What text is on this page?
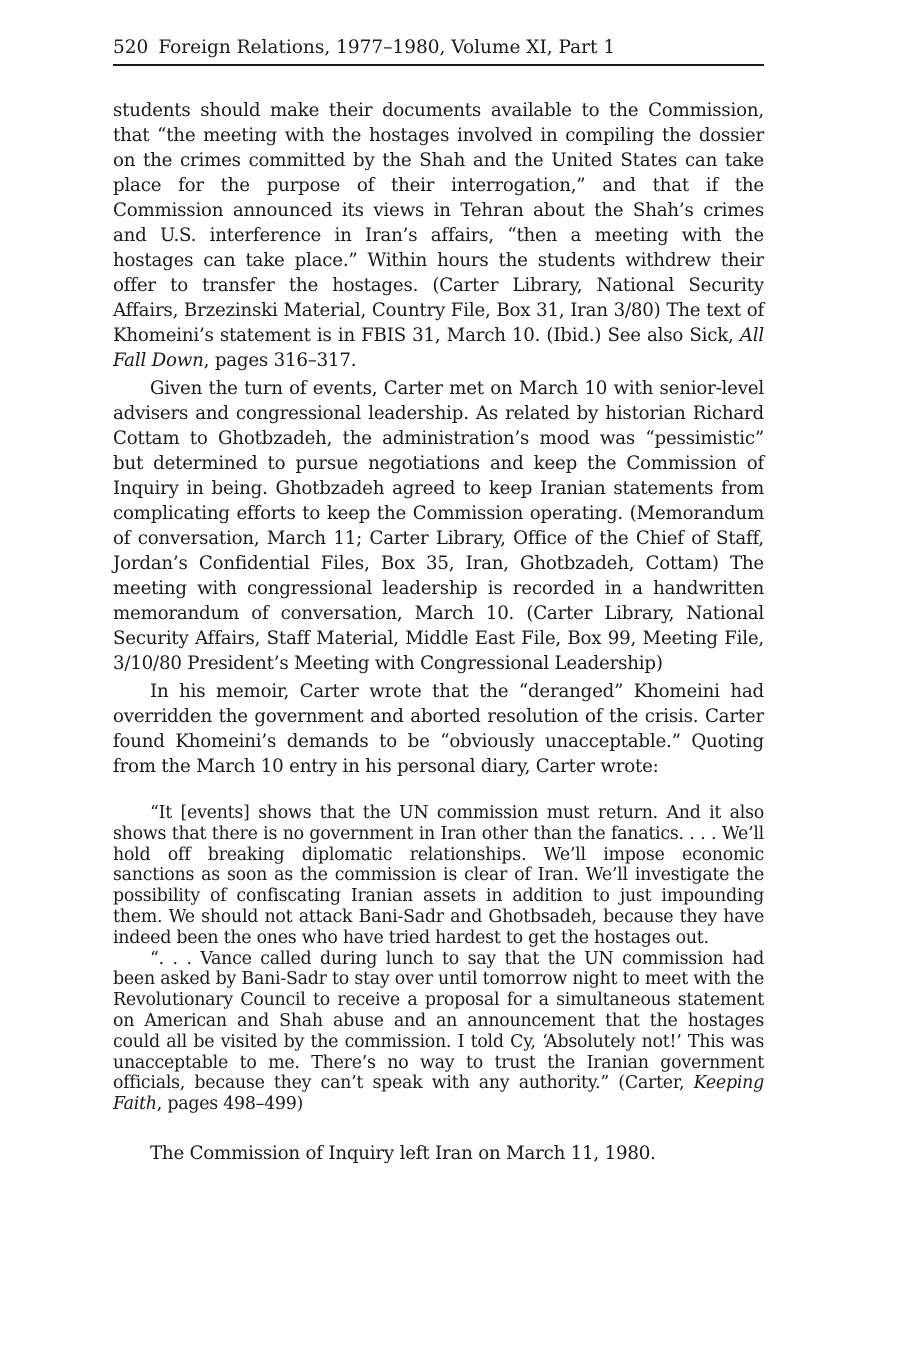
520 Foreign Relations, 1977–1980, Volume XI, Part 1

students should make their documents available to the Commission, that “the meeting with the hostages involved in compiling the dossier on the crimes committed by the Shah and the United States can take place for the purpose of their interrogation,” and that if the Commission announced its views in Tehran about the Shah’s crimes and U.S. interference in Iran’s affairs, “then a meeting with the hostages can take place.” Within hours the students withdrew their offer to transfer the hostages. (Carter Library, National Security Affairs, Brzezinski Material, Country File, Box 31, Iran 3/80) The text of Khomeini’s statement is in FBIS 31, March 10. (Ibid.) See also Sick, All Fall Down, pages 316–317.

Given the turn of events, Carter met on March 10 with senior-level advisers and congressional leadership. As related by historian Richard Cottam to Ghotbzadeh, the administration’s mood was “pessimistic” but determined to pursue negotiations and keep the Commission of Inquiry in being. Ghotbzadeh agreed to keep Iranian statements from complicating efforts to keep the Commission operating. (Memorandum of conversation, March 11; Carter Library, Office of the Chief of Staff, Jordan’s Confidential Files, Box 35, Iran, Ghotbzadeh, Cottam) The meeting with congressional leadership is recorded in a handwritten memorandum of conversation, March 10. (Carter Library, National Security Affairs, Staff Material, Middle East File, Box 99, Meeting File, 3/10/80 President’s Meeting with Congressional Leadership)

In his memoir, Carter wrote that the “deranged” Khomeini had overridden the government and aborted resolution of the crisis. Carter found Khomeini’s demands to be “obviously unacceptable.” Quoting from the March 10 entry in his personal diary, Carter wrote:

“It [events] shows that the UN commission must return. And it also shows that there is no government in Iran other than the fanatics. . . . We’ll hold off breaking diplomatic relationships. We’ll impose economic sanctions as soon as the commission is clear of Iran. We’ll investigate the possibility of confiscating Iranian assets in addition to just impounding them. We should not attack Bani-Sadr and Ghotbsadeh, because they have indeed been the ones who have tried hardest to get the hostages out.

“. . . Vance called during lunch to say that the UN commission had been asked by Bani-Sadr to stay over until tomorrow night to meet with the Revolutionary Council to receive a proposal for a simultaneous statement on American and Shah abuse and an announcement that the hostages could all be visited by the commission. I told Cy, ‘Absolutely not!’ This was unacceptable to me. There’s no way to trust the Iranian government officials, because they can’t speak with any authority.” (Carter, Keeping Faith, pages 498–499)

The Commission of Inquiry left Iran on March 11, 1980.
